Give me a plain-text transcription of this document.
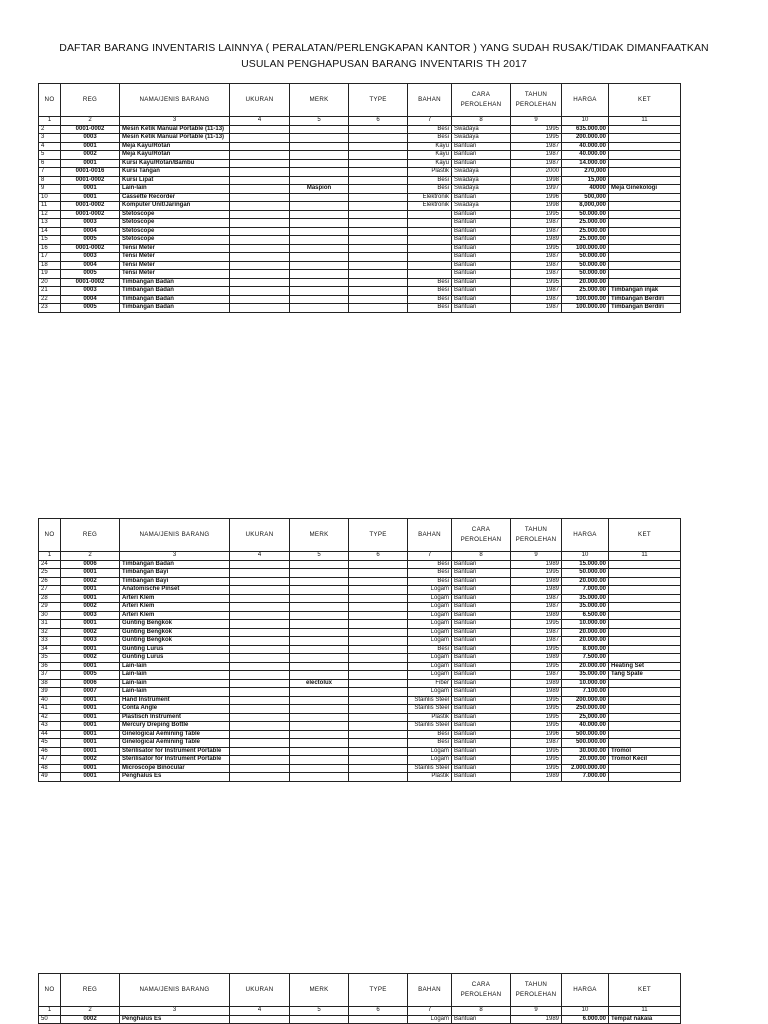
DAFTAR BARANG INVENTARIS LAINNYA ( PERALATAN/PERLENGKAPAN KANTOR ) YANG SUDAH RUSAK/TIDAK DIMANFAATKAN
USULAN PENGHAPUSAN BARANG INVENTARIS TH 2017
NO	REG	NAMA/JENIS BARANG	UKURAN	MERK	TYPE	BAHAN	CARA PEROLEHAN	TAHUN PEROLEHAN	HARGA	KET
1	2	3	4	5	6	7	8	9	10	11
2	0001-0002	Mesin Ketik Manual Portable (11-13)				Besi	Swadaya	1995	635.000.00	
3	0003	Mesin Ketik Manual Portable (11-13)				Besi	Swadaya	1995	200.000.00	
4	0001	Meja Kayu/Rotan				Kayu	Bantuan	1987	40.000.00	
5	0002	Meja Kayu/Rotan				Kayu	Bantuan	1987	40.000.00	
6	0001	Kursi Kayu/Rotan/Bambu				Kayu	Bantuan	1987	14.000.00	
7	0001-0016	Kursi Tangan				Plastik	Swadaya	2000	270,000	
8	0001-0002	Kursi Lipat				Besi	Swadaya	1998	15,000	
9	0001	Lain-lain		Maspion		Besi	Swadaya	1997	40000	Meja Ginekologi
10	0001	Cassette Recorder				Elektronik	Bantuan	1996	500,000	
11	0001-0002	Komputer Unit/Jaringan				Elektronik	Swadaya	1998	8,000,000	
12	0001-0002	Stetoscope					Bantuan	1995	50.000.00	
13	0003	Stetoscope					Bantuan	1987	25.000.00	
14	0004	Stetoscope					Bantuan	1987	25.000.00	
15	0005	Stetoscope					Bantuan	1989	25.000.00	
16	0001-0002	Tensi Meter					Bantuan	1995	100.000.00	
17	0003	Tensi Meter					Bantuan	1987	50.000.00	
18	0004	Tensi Meter					Bantuan	1987	50.000.00	
19	0005	Tensi Meter					Bantuan	1987	50.000.00	
20	0001-0002	Timbangan Badan				Besi	Bantuan	1995	20.000.00	
21	0003	Timbangan Badan				Besi	Bantuan	1987	25.000.00	Timbangan injak
22	0004	Timbangan Badan				Besi	Bantuan	1987	100.000.00	Timbangan Berdiri
23	0005	Timbangan Badan				Besi	Bantuan	1987	100.000.00	Timbangan Berdiri
NO	REG	NAMA/JENIS BARANG	UKURAN	MERK	TYPE	BAHAN	CARA PEROLEHAN	TAHUN PEROLEHAN	HARGA	KET
1	2	3	4	5	6	7	8	9	10	11
24	0006	Timbangan Badan				Besi	Bantuan	1989	15.000.00	
25	0001	Timbangan Bayi				Besi	Bantuan	1995	50.000.00	
26	0002	Timbangan Bayi				Besi	Bantuan	1989	20.000.00	
27	0001	Anatomische Pinset				Logam	Bantuan	1989	7.000.00	
28	0001	Arteri Klem				Logam	Bantuan	1987	35.000.00	
29	0002	Arteri Klem				Logam	Bantuan	1987	35.000.00	
30	0003	Arteri Klem				Logam	Bantuan	1989	6.500.00	
31	0001	Gunting Bengkok				Logam	Bantuan	1995	10.000.00	
32	0002	Gunting Bengkok				Logam	Bantuan	1987	20.000.00	
33	0003	Gunting Bengkok				Logam	Bantuan	1987	20.000.00	
34	0001	Gunting Lurus				Besi	Bantuan	1995	8.000.00	
35	0002	Gunting Lurus				Logam	Bantuan	1989	7.500.00	
36	0001	Lain-lain				Logam	Bantuan	1995	20.000.00	Heating Set
37	0005	Lain-lain				Logam	Bantuan	1987	35.000.00	Tang Spate
38	0006	Lain-lain		electolux		Fiber	Bantuan	1989	10.000.00	
39	0007	Lain-lain				Logam	Bantuan	1989	7.100.00	
40	0001	Hand Instrument				Stainlis Steel	Bantuan	1995	200.000.00	
41	0001	Conta Angle				Stainlis Steel	Bantuan	1995	250.000.00	
42	0001	Plastisch Instrument				Plastik	Bantuan	1995	25,000.00	
43	0001	Mercury Dreping Bottle				Stainlis Steel	Bantuan	1995	40.000.00	
44	0001	Ginelogical Aemining Table				Besi	Bantuan	1996	500.000.00	
45	0001	Ginelogical Aemining Table				Besi	Bantuan	1987	500.000.00	
46	0001	Sterilisator for Instrument Portable				Logam	Bantuan	1995	30.000.00	Tromol
47	0002	Sterilisator for Instrument Portable				Logam	Bantuan	1995	20.000.00	Tromol Kecil
48	0001	Microscope Binocular				Stainlis Steel	Bantuan	1995	2.000.000.00	
49	0001	Penghalus Es				Plastik	Bantuan	1989	7.000.00	
NO	REG	NAMA/JENIS BARANG	UKURAN	MERK	TYPE	BAHAN	CARA PEROLEHAN	TAHUN PEROLEHAN	HARGA	KET
1	2	3	4	5	6	7	8	9	10	11
50	0002	Penghalus Es				Logam	Bantuan	1989	6.000.00	Tempat nakaia
